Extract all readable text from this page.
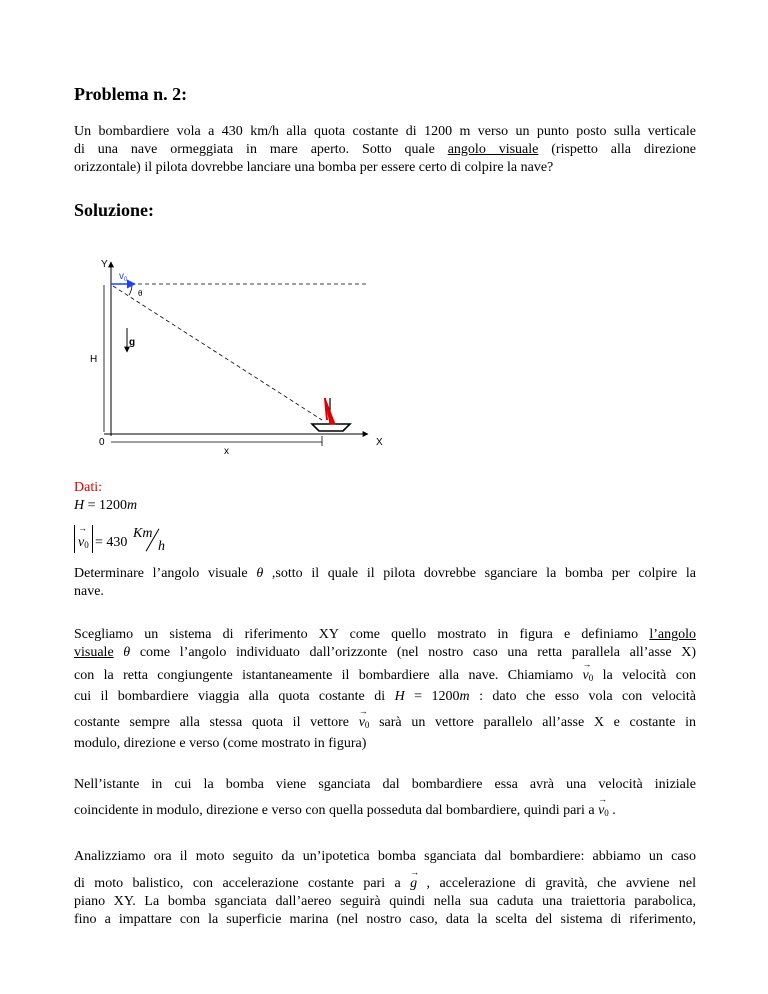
Problema n. 2:
Un bombardiere vola a 430 km/h alla quota costante di 1200 m verso un punto posto sulla verticale
di una nave ormeggiata in mare aperto. Sotto quale angolo visuale (rispetto alla direzione
orizzontale) il pilota dovrebbe lanciare una bomba per essere certo di colpire la nave?
Soluzione:
Y
$v_0$
θ
g
H
0	X
x
Dati:
H = 1200m
→ $v_0 = 430$
Km
h
Determinare l’angolo visuale θ ,sotto il quale il pilota dovrebbe sganciare la bomba per colpire la
nave.
Scegliamo un sistema di riferimento XY come quello mostrato in figura e definiamo l’angolo
visuale θ come l’angolo individuato dall’orizzonte (nel nostro caso una retta parallela all’asse X)
con la retta congiungente istantaneamente il bombardiere alla nave. Chiamiamo → $v_0$ la velocità con
cui il bombardiere viaggia alla quota costante di H = 1200m : dato che esso vola con velocità
costante sempre alla stessa quota il vettore → $v_0$ sarà un vettore parallelo all’asse X e costante in
modulo, direzione e verso (come mostrato in figura)
Nell’istante in cui la bomba viene sganciata dal bombardiere essa avrà una velocità iniziale
coincidente in modulo, direzione e verso con quella posseduta dal bombardiere, quindi pari $a \to v_0$ .
Analizziamo ora il moto seguito da un’ipotetica bomba sganciata dal bombardiere: abbiamo un caso
di moto balistico, con accelerazione costante pari a → g , accelerazione di gravità, che avviene nel
piano XY. La bomba sganciata dall’aereo seguirà quindi nella sua caduta una traiettoria parabolica,
fino a impattare con la superficie marina (nel nostro caso, data la scelta del sistema di riferimento,
